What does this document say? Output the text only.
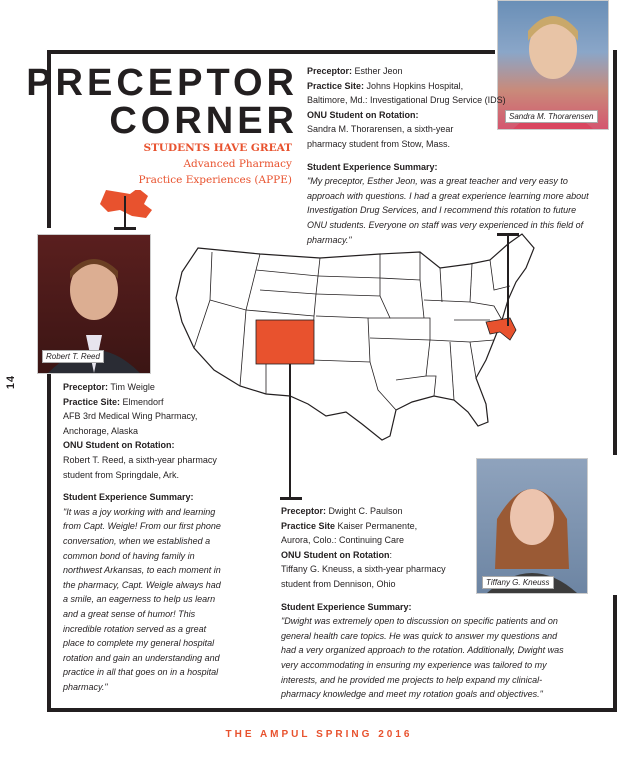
14
PRECEPTOR
CORNER
STUDENTS HAVE GREAT
Advanced Pharmacy
Practice Experiences (APPE)
Sandra M. Thorarensen
Robert T. Reed
Tiffany G. Kneuss
Preceptor: Esther Jeon
Practice Site: Johns Hopkins Hospital,
Baltimore, Md.: Investigational Drug Service (IDS)
ONU Student on Rotation:
Sandra M. Thorarensen, a sixth-year
pharmacy student from Stow, Mass.
Student Experience Summary:
"My preceptor, Esther Jeon, was a great teacher and very easy to approach with questions. I had a great experience learning more about Investigation Drug Services, and I recommend this rotation to future ONU students. Everyone on staff was very experienced in this field of pharmacy."
Preceptor: Tim Weigle
Practice Site: Elmendorf
AFB 3rd Medical Wing Pharmacy,
Anchorage, Alaska
ONU Student on Rotation:
Robert T. Reed, a sixth-year pharmacy
student from Springdale, Ark.
Student Experience Summary:
"It was a joy working with and learning from Capt. Weigle! From our first phone conversation, when we established a common bond of having family in northwest Arkansas, to each moment in the pharmacy, Capt. Weigle always had a smile, an eagerness to help us learn and a great sense of humor! This incredible rotation served as a great place to complete my general hospital rotation and gain an understanding and practice in all that goes on in a hospital pharmacy."
Preceptor: Dwight C. Paulson
Practice Site Kaiser Permanente,
Aurora, Colo.: Continuing Care
ONU Student on Rotation:
Tiffany G. Kneuss, a sixth-year pharmacy
student from Dennison, Ohio
Student Experience Summary:
"Dwight was extremely open to discussion on specific patients and on general health care topics. He was quick to answer my questions and had a very organized approach to the rotation. Additionally, Dwight was very accommodating in ensuring my experience was tailored to my interests, and he provided me projects to help expand my clinical-pharmacy knowledge and meet my rotation goals and objectives."
THE AMPUL SPRING 2016
